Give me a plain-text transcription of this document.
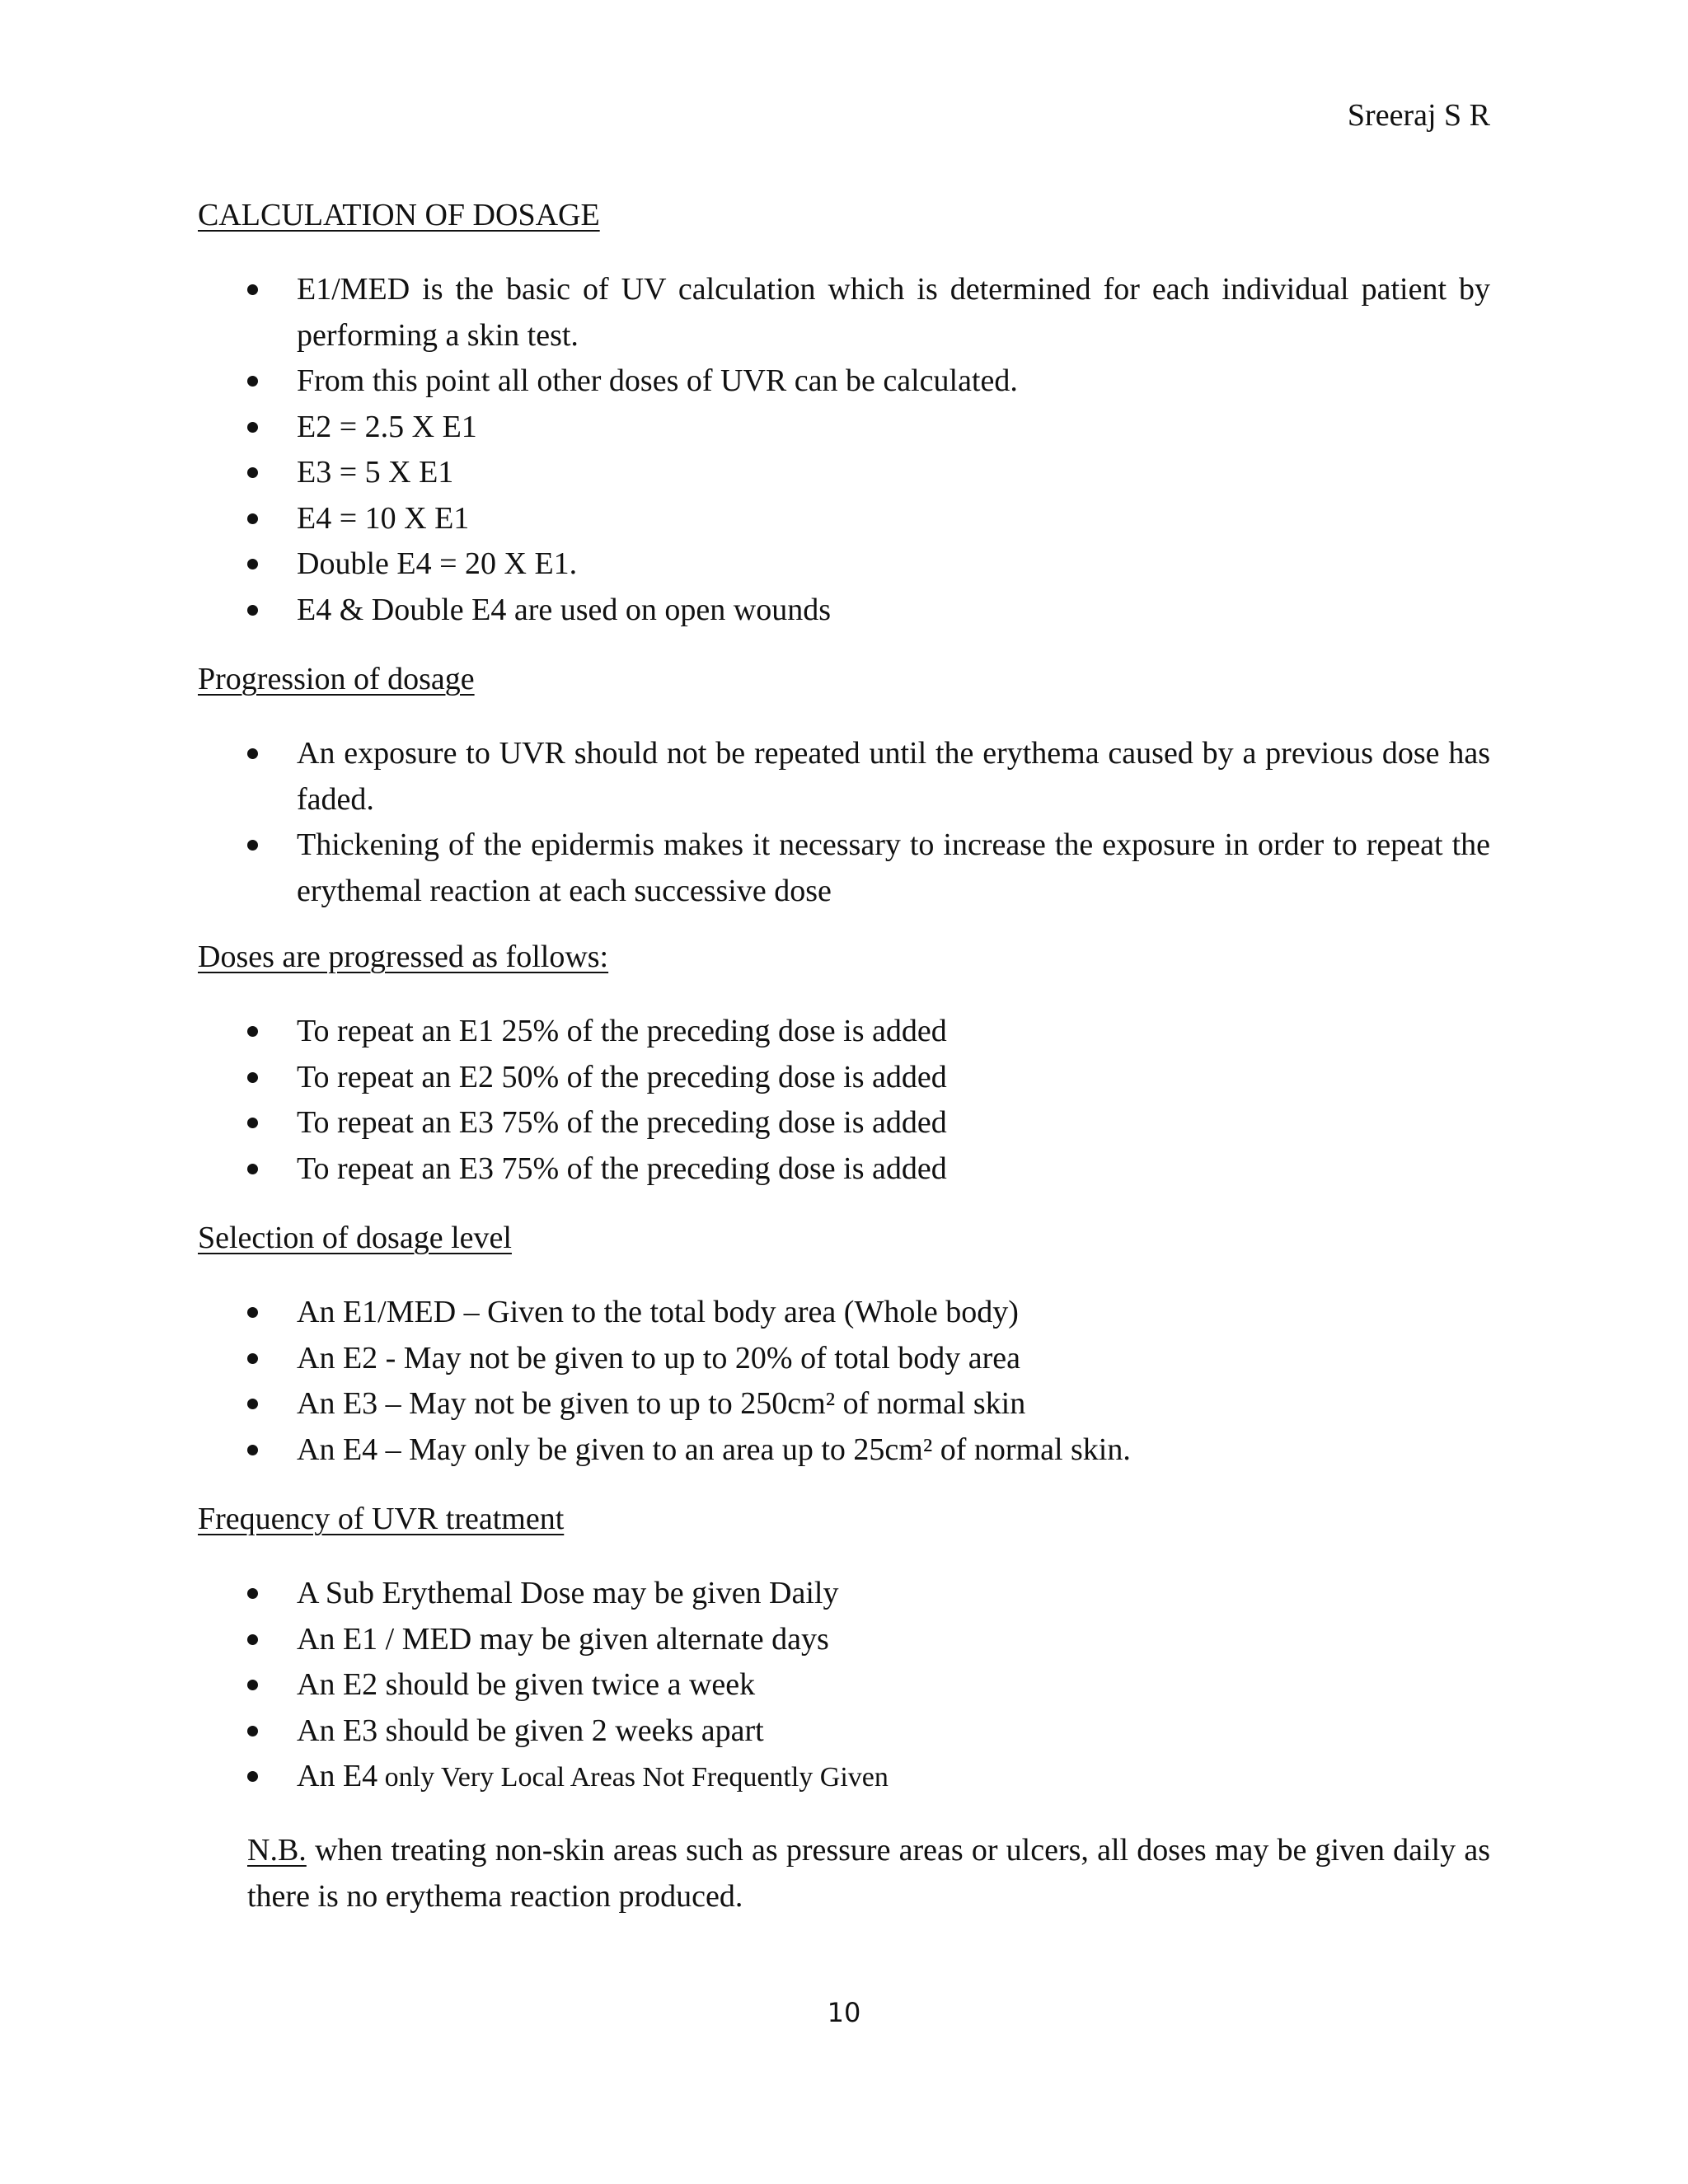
Sreeraj S R
CALCULATION OF DOSAGE
E1/MED is the basic of UV calculation which is determined for each individual patient by performing a skin test.
From this point all other doses of UVR can be calculated.
E2 = 2.5 X E1
E3 = 5 X E1
E4 = 10 X E1
Double E4 = 20 X E1.
E4 & Double E4 are used on open wounds
Progression of dosage
An exposure to UVR should not be repeated until the erythema caused by a previous dose has faded.
Thickening of the epidermis makes it necessary to increase the exposure in order to repeat the erythemal reaction at each successive dose
Doses are progressed as follows:
To repeat an E1 25% of the preceding dose is added
To repeat an E2 50% of the preceding dose is added
To repeat an E3 75% of the preceding dose is added
To repeat an E3 75% of the preceding dose is added
Selection of dosage level
An E1/MED – Given to the total body area (Whole body)
An E2 - May not be given to up to 20% of total body area
An E3 – May not be given to up to 250cm² of normal skin
An E4 – May only be given to an area up to 25cm² of normal skin.
Frequency of UVR treatment
A Sub Erythemal Dose may be given Daily
An E1 / MED may be given alternate days
An E2 should be given twice a week
An E3 should be given 2 weeks apart
An E4 only Very Local Areas Not Frequently Given
N.B. when treating non-skin areas such as pressure areas or ulcers, all doses may be given daily as there is no erythema reaction produced.
10
